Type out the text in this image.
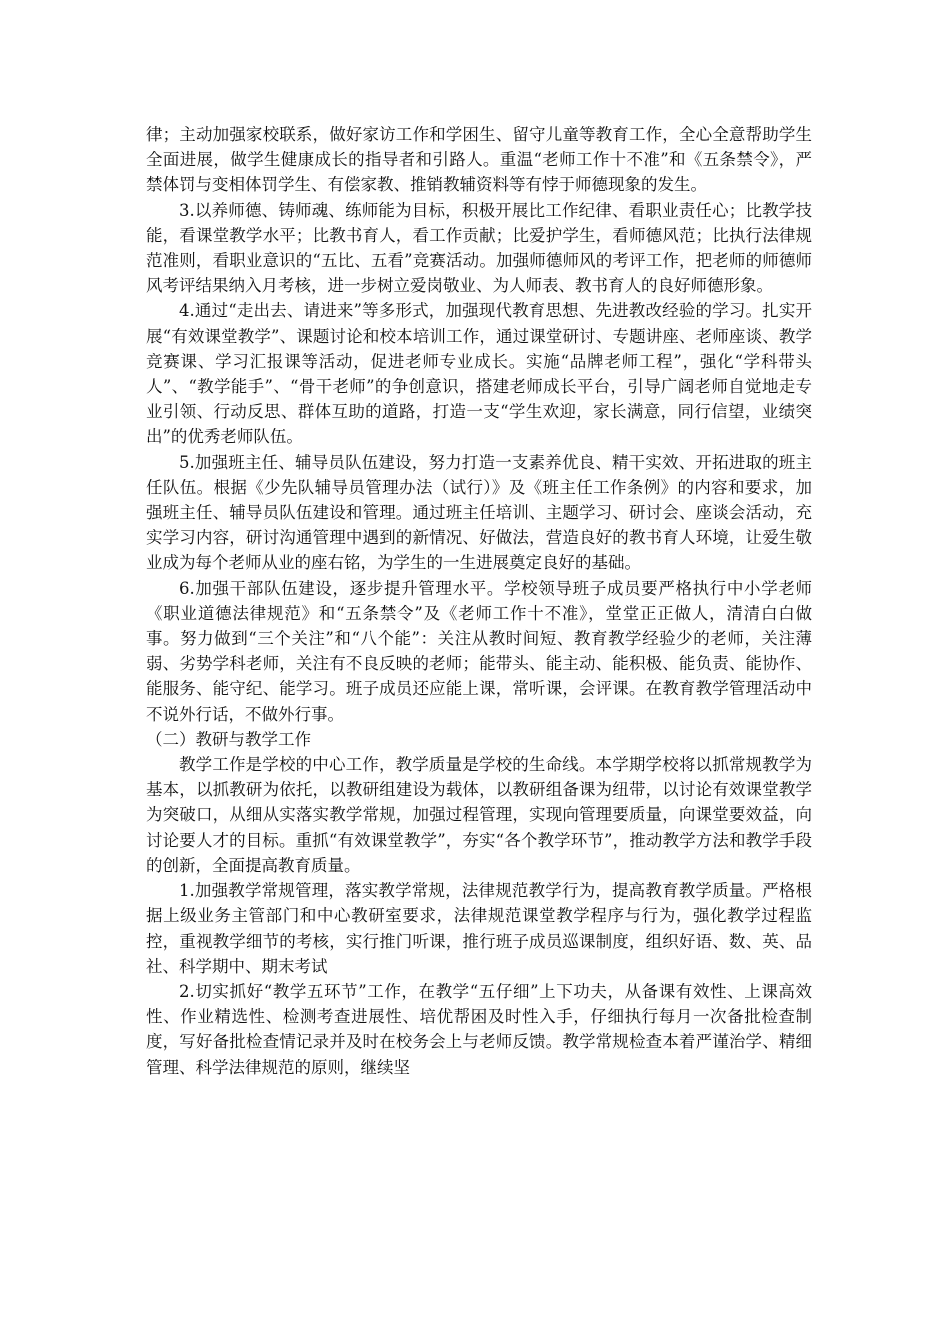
律；主动加强家校联系，做好家访工作和学困生、留守儿童等教育工作，全心全意帮助学生全面进展，做学生健康成长的指导者和引路人。重温“老师工作十不准”和《五条禁令》，严禁体罚与变相体罚学生、有偿家教、推销教辅资料等有悖于师德现象的发生。

3.以养师德、铸师魂、练师能为目标，积极开展比工作纪律、看职业责任心；比教学技能，看课堂教学水平；比教书育人，看工作贡献；比爱护学生，看师德风范；比执行法律规范准则，看职业意识的“五比、五看”竞赛活动。加强师德师风的考评工作，把老师的师德师风考评结果纳入月考核，进一步树立爱岗敬业、为人师表、教书育人的良好师德形象。

4.通过“走出去、请进来”等多形式，加强现代教育思想、先进教改经验的学习。扎实开展“有效课堂教学”、课题讨论和校本培训工作，通过课堂研讨、专题讲座、老师座谈、教学竞赛课、学习汇报课等活动，促进老师专业成长。实施“品牌老师工程”，强化“学科带头人”、“教学能手”、“骨干老师”的争创意识，搭建老师成长平台，引导广阔老师自觉地走专业引领、行动反思、群体互助的道路，打造一支“学生欢迎，家长满意，同行信望，业绩突出”的优秀老师队伍。

5.加强班主任、辅导员队伍建设，努力打造一支素养优良、精干实效、开拓进取的班主任队伍。根据《少先队辅导员管理办法（试行）》及《班主任工作条例》的内容和要求，加强班主任、辅导员队伍建设和管理。通过班主任培训、主题学习、研讨会、座谈会活动，充实学习内容，研讨沟通管理中遇到的新情况、好做法，营造良好的教书育人环境，让爱生敬业成为每个老师从业的座右铭，为学生的一生进展奠定良好的基础。

6.加强干部队伍建设，逐步提升管理水平。学校领导班子成员要严格执行中小学老师《职业道德法律规范》和“五条禁令”及《老师工作十不准》，堂堂正正做人，清清白白做事。努力做到“三个关注”和“八个能”：关注从教时间短、教育教学经验少的老师，关注薄弱、劣势学科老师，关注有不良反映的老师；能带头、能主动、能积极、能负责、能协作、能服务、能守纪、能学习。班子成员还应能上课，常听课，会评课。在教育教学管理活动中不说外行话，不做外行事。

（二）教研与教学工作

教学工作是学校的中心工作，教学质量是学校的生命线。本学期学校将以抓常规教学为基本，以抓教研为依托，以教研组建设为载体，以教研组备课为纽带，以讨论有效课堂教学为突破口，从细从实落实教学常规，加强过程管理，实现向管理要质量，向课堂要效益，向讨论要人才的目标。重抓“有效课堂教学”，夯实“各个教学环节”，推动教学方法和教学手段的创新，全面提高教育质量。

1.加强教学常规管理，落实教学常规，法律规范教学行为，提高教育教学质量。严格根据上级业务主管部门和中心教研室要求，法律规范课堂教学程序与行为，强化教学过程监控，重视教学细节的考核，实行推门听课，推行班子成员巡课制度，组织好语、数、英、品社、科学期中、期末考试

2.切实抓好“教学五环节”工作，在教学“五仔细”上下功夫，从备课有效性、上课高效性、作业精选性、检测考查进展性、培优帮困及时性入手，仔细执行每月一次备批检查制度，写好备批检查情记录并及时在校务会上与老师反馈。教学常规检查本着严谨治学、精细管理、科学法律规范的原则，继续坚
